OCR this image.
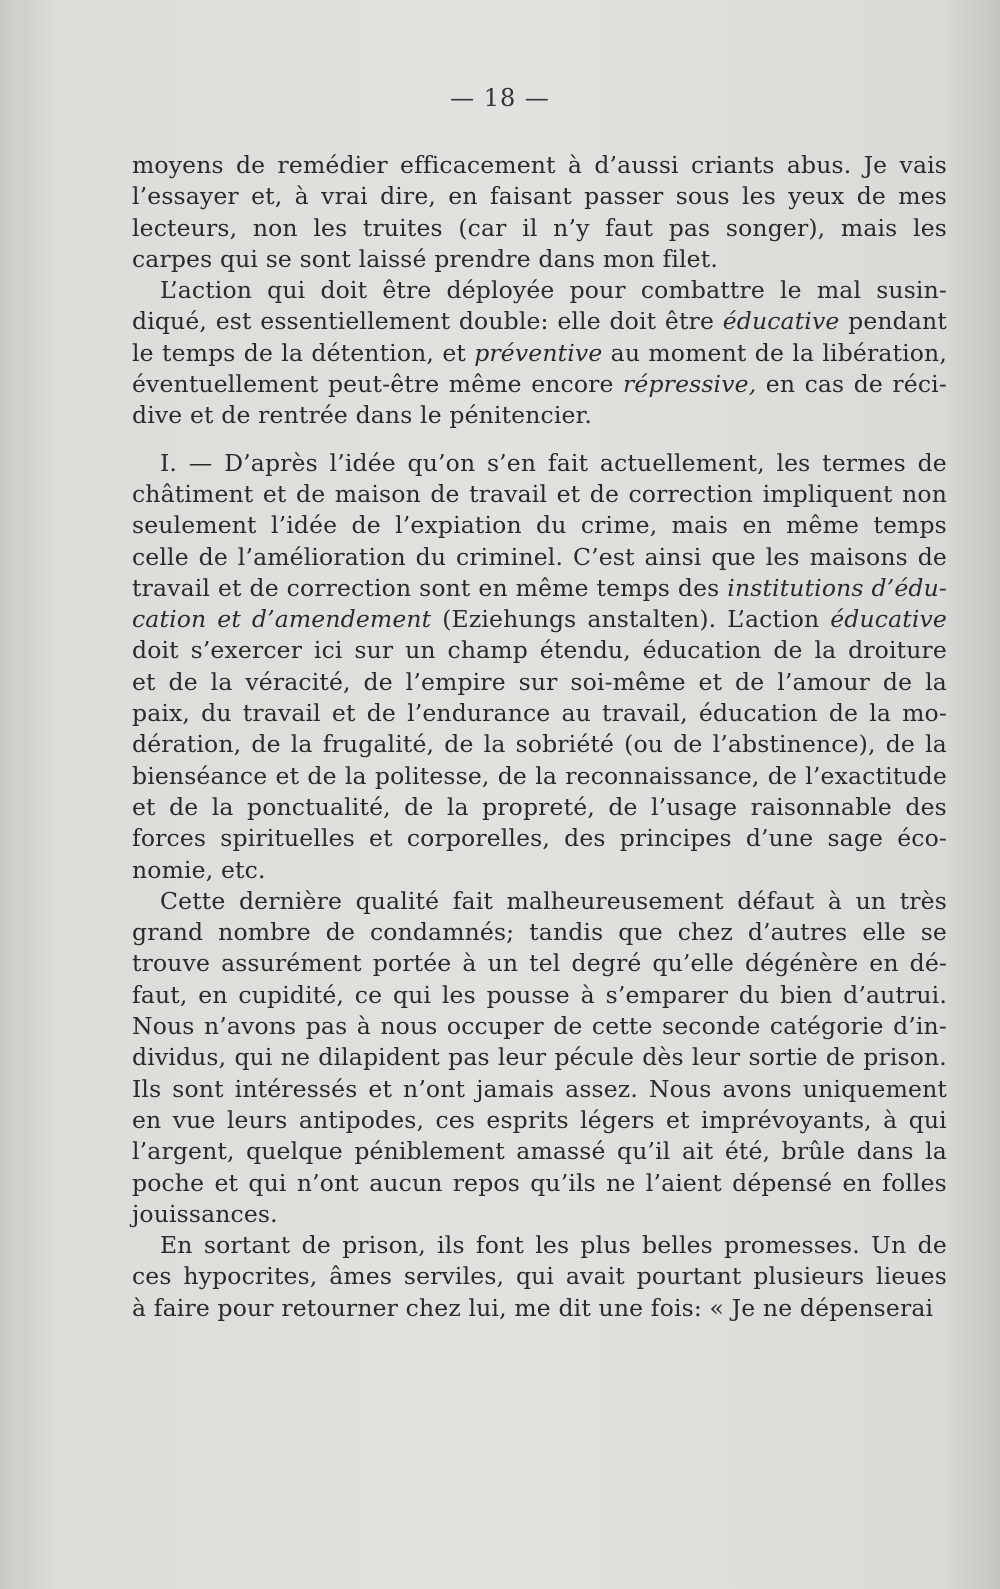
— 18 —
moyens de remédier efficacement à d’aussi criants abus. Je vais
l’essayer et, à vrai dire, en faisant passer sous les yeux de mes
lecteurs, non les truites (car il n’y faut pas songer), mais les
carpes qui se sont laissé prendre dans mon filet.
L’action qui doit être déployée pour combattre le mal susin-
diqué, est essentiellement double: elle doit être éducative pendant
le temps de la détention, et préventive au moment de la libération,
éventuellement peut-être même encore répressive, en cas de réci-
dive et de rentrée dans le pénitencier.
I. — D’après l’idée qu’on s’en fait actuellement, les termes de
châtiment et de maison de travail et de correction impliquent non
seulement l’idée de l’expiation du crime, mais en même temps
celle de l’amélioration du criminel. C’est ainsi que les maisons de
travail et de correction sont en même temps des institutions d’édu-
cation et d’amendement (Eziehungs anstalten). L’action éducative
doit s’exercer ici sur un champ étendu, éducation de la droiture
et de la véracité, de l’empire sur soi-même et de l’amour de la
paix, du travail et de l’endurance au travail, éducation de la mo-
dération, de la frugalité, de la sobriété (ou de l’abstinence), de la
bienséance et de la politesse, de la reconnaissance, de l’exactitude
et de la ponctualité, de la propreté, de l’usage raisonnable des
forces spirituelles et corporelles, des principes d’une sage éco-
nomie, etc.
Cette dernière qualité fait malheureusement défaut à un très
grand nombre de condamnés; tandis que chez d’autres elle se
trouve assurément portée à un tel degré qu’elle dégénère en dé-
faut, en cupidité, ce qui les pousse à s’emparer du bien d’autrui.
Nous n’avons pas à nous occuper de cette seconde catégorie d’in-
dividus, qui ne dilapident pas leur pécule dès leur sortie de prison.
Ils sont intéressés et n’ont jamais assez. Nous avons uniquement
en vue leurs antipodes, ces esprits légers et imprévoyants, à qui
l’argent, quelque péniblement amassé qu’il ait été, brûle dans la
poche et qui n’ont aucun repos qu’ils ne l’aient dépensé en folles
jouissances.
En sortant de prison, ils font les plus belles promesses. Un de
ces hypocrites, âmes serviles, qui avait pourtant plusieurs lieues
à faire pour retourner chez lui, me dit une fois: « Je ne dépenserai
